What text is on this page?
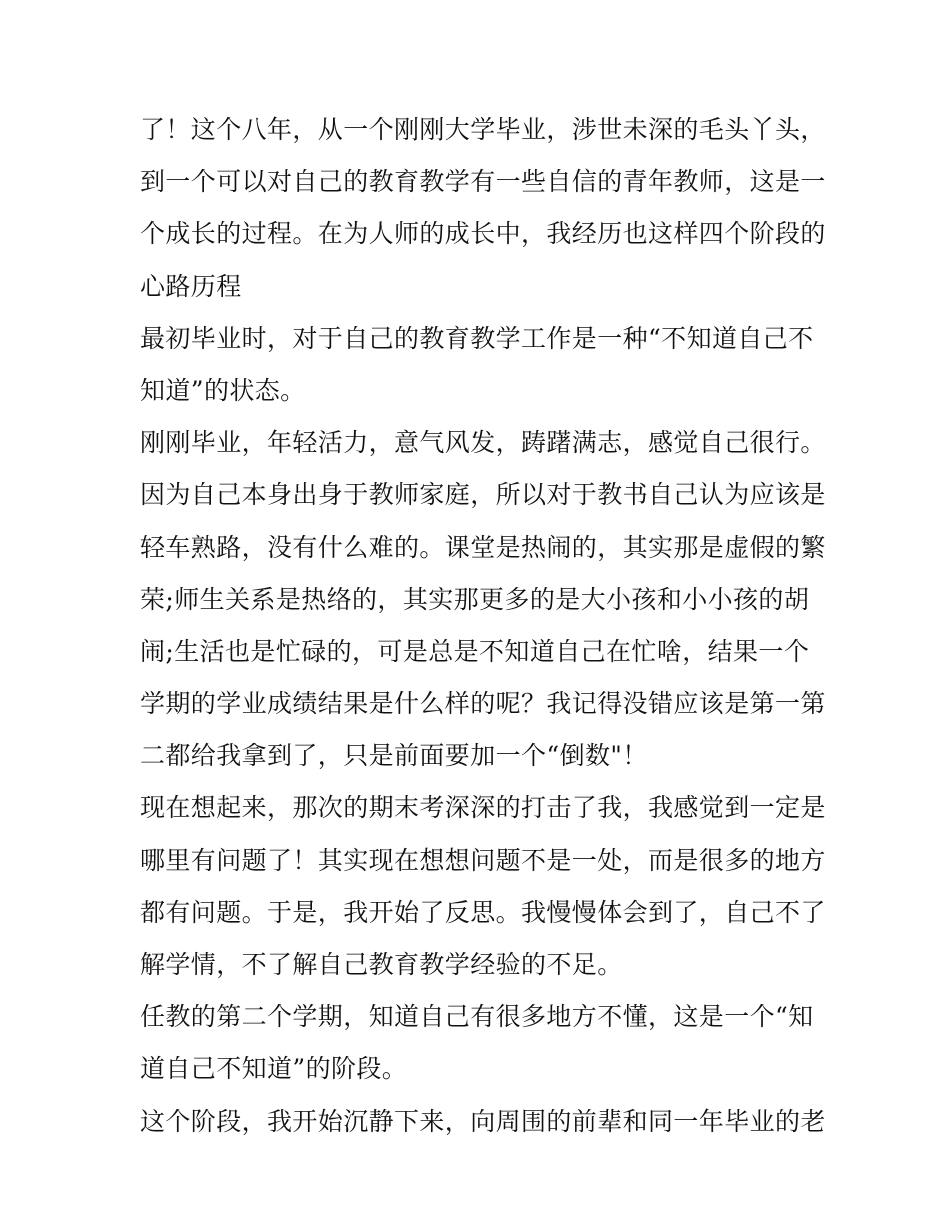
了！这个八年，从一个刚刚大学毕业，涉世未深的毛头丫头，
到一个可以对自己的教育教学有一些自信的青年教师，这是一
个成长的过程。在为人师的成长中，我经历也这样四个阶段的
心路历程
最初毕业时，对于自己的教育教学工作是一种“不知道自己不
知道”的状态。
刚刚毕业，年轻活力，意气风发，踌躇满志，感觉自己很行。
因为自己本身出身于教师家庭，所以对于教书自己认为应该是
轻车熟路，没有什么难的。课堂是热闹的，其实那是虚假的繁
荣;师生关系是热络的，其实那更多的是大小孩和小小孩的胡
闹;生活也是忙碌的，可是总是不知道自己在忙啥，结果一个
学期的学业成绩结果是什么样的呢？我记得没错应该是第一第
二都给我拿到了，只是前面要加一个“倒数"！
现在想起来，那次的期末考深深的打击了我，我感觉到一定是
哪里有问题了！其实现在想想问题不是一处，而是很多的地方
都有问题。于是，我开始了反思。我慢慢体会到了，自己不了
解学情，不了解自己教育教学经验的不足。
任教的第二个学期，知道自己有很多地方不懂，这是一个“知
道自己不知道”的阶段。
这个阶段，我开始沉静下来，向周围的前辈和同一年毕业的老
